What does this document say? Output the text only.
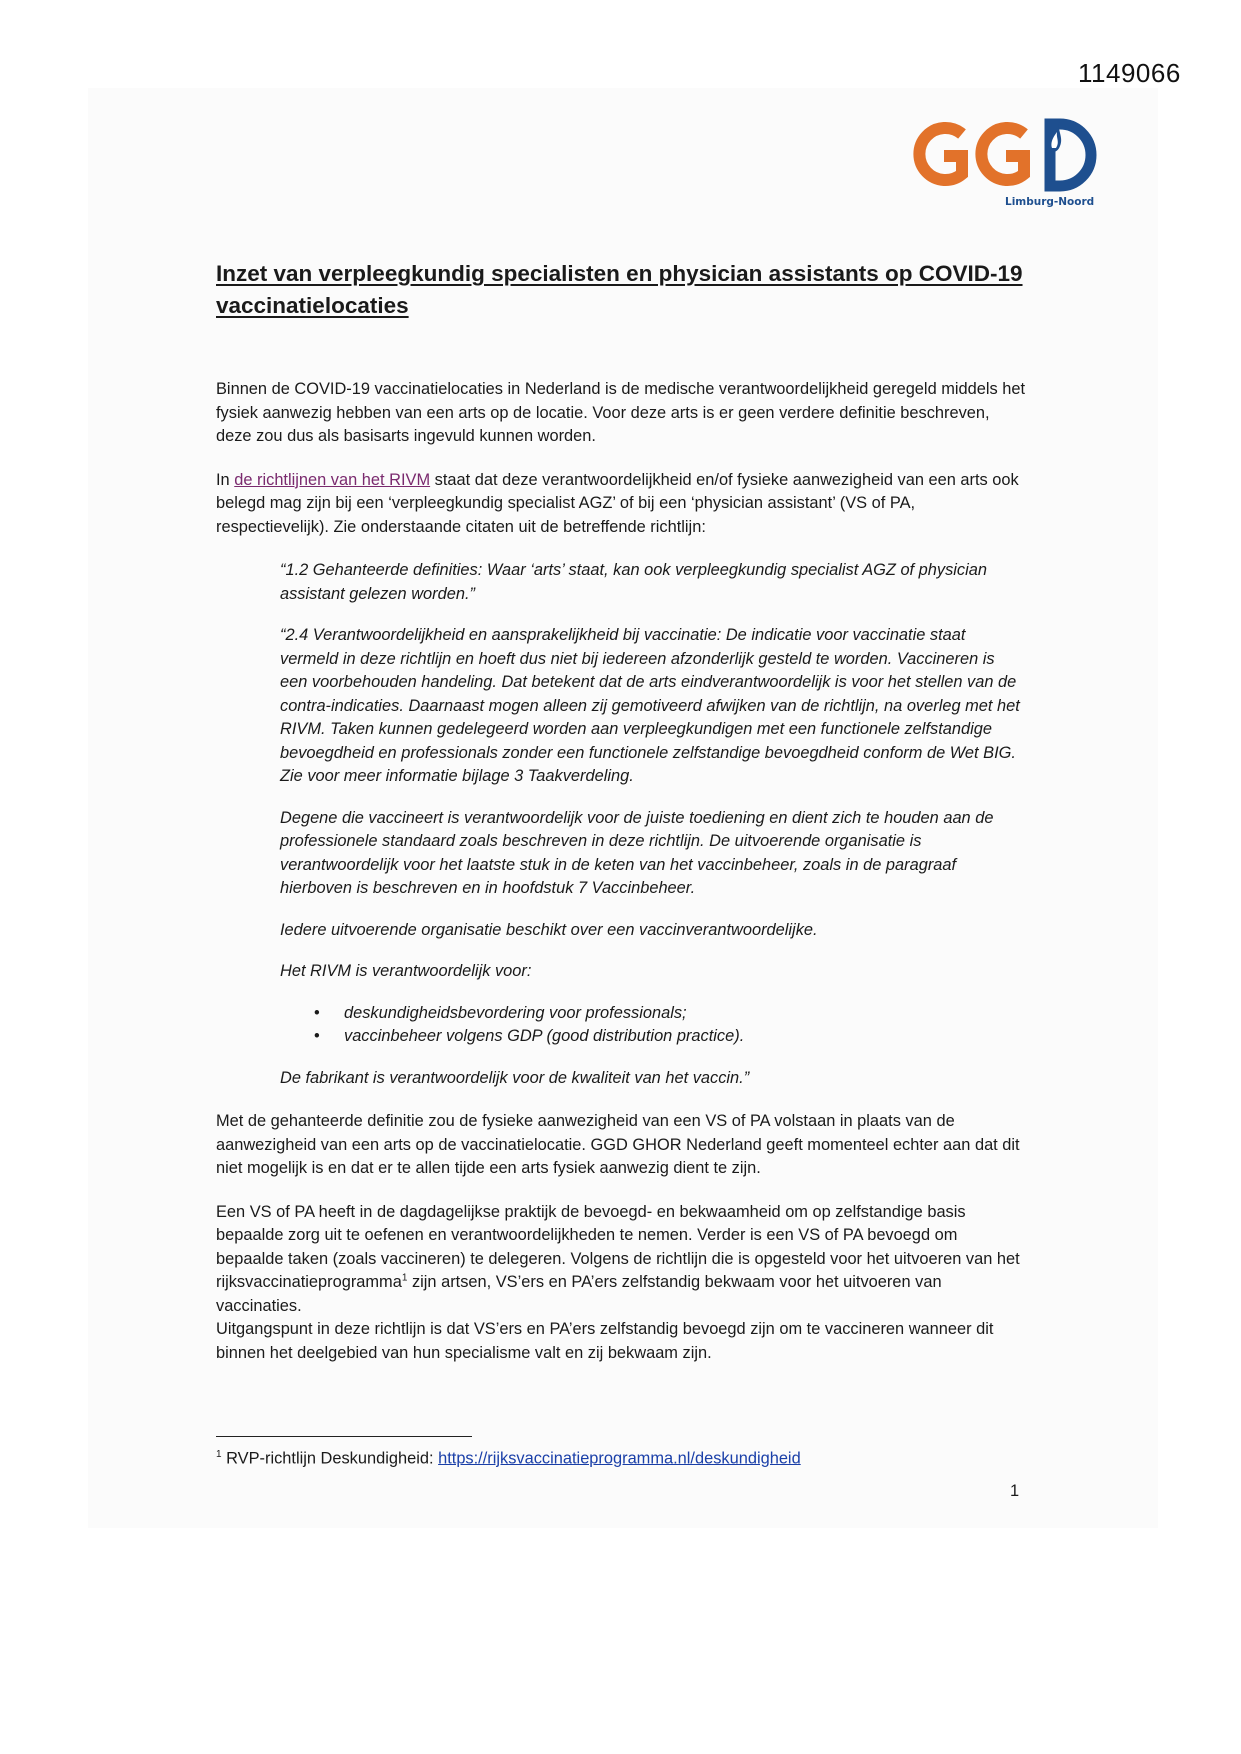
1149066
Limburg-Noord
Inzet van verpleegkundig specialisten en physician assistants op COVID-19 vaccinatielocaties

Binnen de COVID-19 vaccinatielocaties in Nederland is de medische verantwoordelijkheid geregeld middels het fysiek aanwezig hebben van een arts op de locatie. Voor deze arts is er geen verdere definitie beschreven, deze zou dus als basisarts ingevuld kunnen worden.

In de richtlijnen van het RIVM staat dat deze verantwoordelijkheid en/of fysieke aanwezigheid van een arts ook belegd mag zijn bij een ‘verpleegkundig specialist AGZ’ of bij een ‘physician assistant’ (VS of PA, respectievelijk). Zie onderstaande citaten uit de betreffende richtlijn:

“1.2 Gehanteerde definities: Waar ‘arts’ staat, kan ook verpleegkundig specialist AGZ of physician assistant gelezen worden.”

“2.4 Verantwoordelijkheid en aansprakelijkheid bij vaccinatie: De indicatie voor vaccinatie staat vermeld in deze richtlijn en hoeft dus niet bij iedereen afzonderlijk gesteld te worden. Vaccineren is een voorbehouden handeling. Dat betekent dat de arts eindverantwoordelijk is voor het stellen van de contra-indicaties. Daarnaast mogen alleen zij gemotiveerd afwijken van de richtlijn, na overleg met het RIVM. Taken kunnen gedelegeerd worden aan verpleegkundigen met een functionele zelfstandige bevoegdheid en professionals zonder een functionele zelfstandige bevoegdheid conform de Wet BIG. Zie voor meer informatie bijlage 3 Taakverdeling.

Degene die vaccineert is verantwoordelijk voor de juiste toediening en dient zich te houden aan de professionele standaard zoals beschreven in deze richtlijn. De uitvoerende organisatie is verantwoordelijk voor het laatste stuk in de keten van het vaccinbeheer, zoals in de paragraaf hierboven is beschreven en in hoofdstuk 7 Vaccinbeheer.

Iedere uitvoerende organisatie beschikt over een vaccinverantwoordelijke.

Het RIVM is verantwoordelijk voor:

• deskundigheidsbevordering voor professionals;
• vaccinbeheer volgens GDP (good distribution practice).

De fabrikant is verantwoordelijk voor de kwaliteit van het vaccin.”

Met de gehanteerde definitie zou de fysieke aanwezigheid van een VS of PA volstaan in plaats van de aanwezigheid van een arts op de vaccinatielocatie. GGD GHOR Nederland geeft momenteel echter aan dat dit niet mogelijk is en dat er te allen tijde een arts fysiek aanwezig dient te zijn.

Een VS of PA heeft in de dagdagelijkse praktijk de bevoegd- en bekwaamheid om op zelfstandige basis bepaalde zorg uit te oefenen en verantwoordelijkheden te nemen. Verder is een VS of PA bevoegd om bepaalde taken (zoals vaccineren) te delegeren. Volgens de richtlijn die is opgesteld voor het uitvoeren van het rijksvaccinatieprogramma$^1$ zijn artsen, VS’ers en PA’ers zelfstandig bekwaam voor het uitvoeren van vaccinaties.

Uitgangspunt in deze richtlijn is dat VS’ers en PA’ers zelfstandig bevoegd zijn om te vaccineren wanneer dit binnen het deelgebied van hun specialisme valt en zij bekwaam zijn.

$^1$ RVP-richtlijn Deskundigheid: https://rijksvaccinatieprogramma.nl/deskundigheid
1
